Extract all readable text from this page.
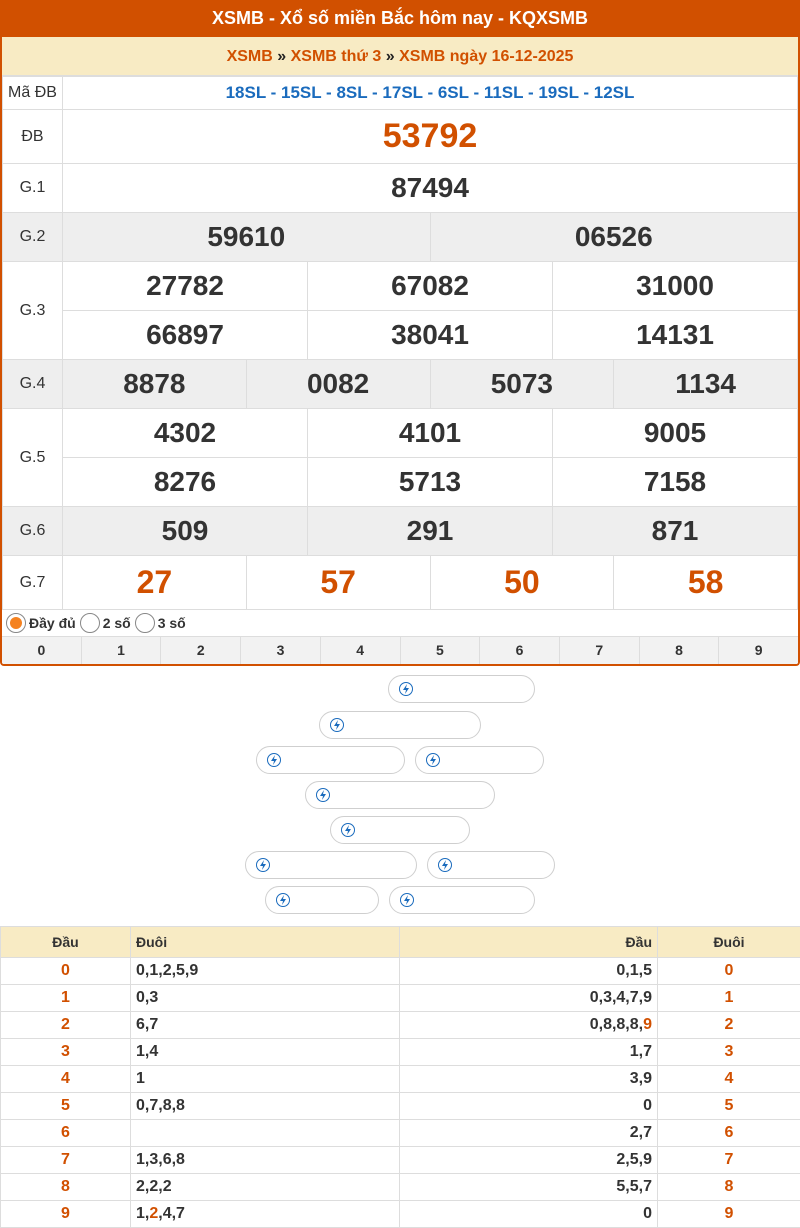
XSMB - Xổ số miền Bắc hôm nay - KQXSMB
XSMB » XSMB thứ 3 » XSMB ngày 16-12-2025
Mã ĐB	18SL - 15SL - 8SL - 17SL - 6SL - 11SL - 19SL - 12SL					
ĐB	53792					
G.1	87494					
G.2	59610			06526		
G.3	27782		67082		31000	
	66897		38041		14131	
G.4	8878	0082		5073		1134
G.5	4302		4101		9005	
	8276		5713		7158	
G.6	509		291		871	
G.7	27	57		50		58
Đầy đủ 2 số 3 số
0	1	2	3	4	5	6	7	8	9
Đầu	Đuôi	Đầu	Đuôi
0	0,1,2,5,9	0,1,5	0
1	0,3	0,3,4,7,9	1
2	6,7	0,8,8,8,9	2
3	1,4	1,7	3
4	1	3,9	4
5	0,7,8,8	0	5
6		2,7	6
7	1,3,6,8	2,5,9	7
8	2,2,2	5,5,7	8
9	1,2,4,7	0	9
